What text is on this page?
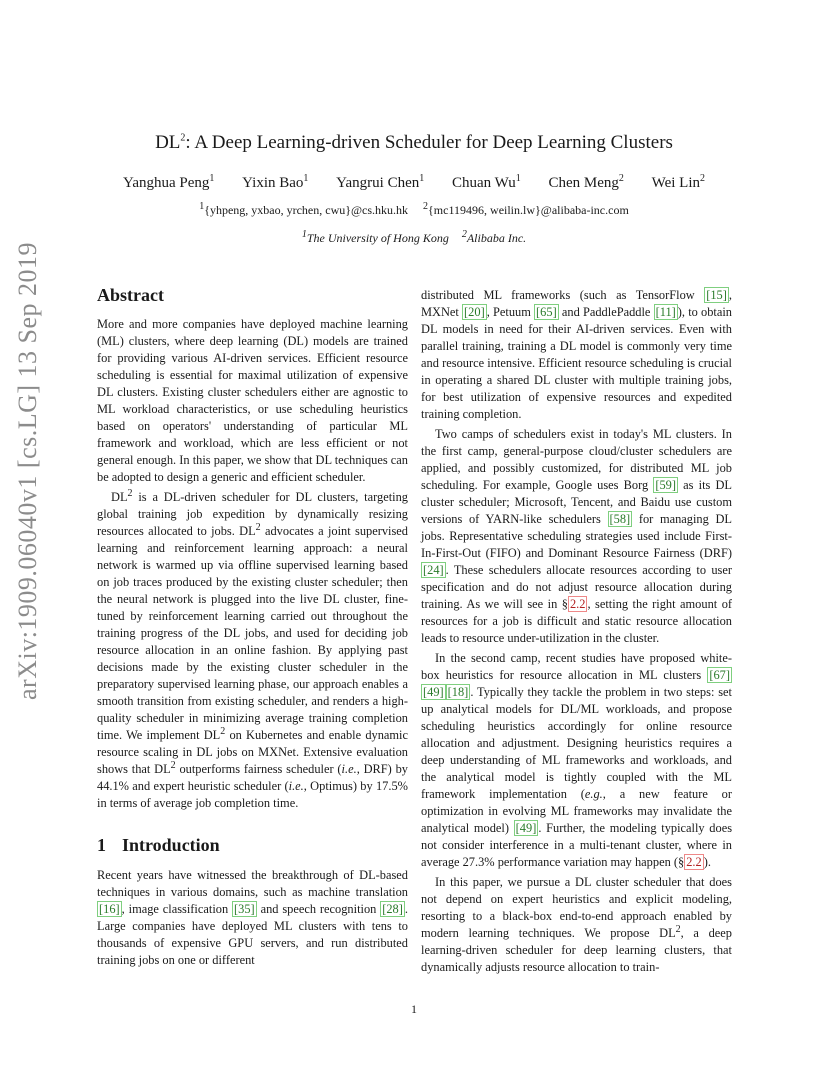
arXiv:1909.06040v1 [cs.LG] 13 Sep 2019
$DL^2$: A Deep Learning-driven Scheduler for Deep Learning Clusters
Yanghua Peng$^1$ Yixin Bao$^1$ Yangrui Chen$^1$ Chuan Wu$^1$ Chen Meng$^2$ Wei Lin$^2$
$^1${yhpeng, yxbao, yrchen, cwu}@cs.hku.hk $^2${mc119496, weilin.lw}@alibaba-inc.com
$^1$The University of Hong Kong $^2$Alibaba Inc.
Abstract

More and more companies have deployed machine learning (ML) clusters, where deep learning (DL) models are trained for providing various AI-driven services. Efficient resource scheduling is essential for maximal utilization of expensive DL clusters. Existing cluster schedulers either are agnostic to ML workload characteristics, or use scheduling heuristics based on operators' understanding of particular ML framework and workload, which are less efficient or not general enough. In this paper, we show that DL techniques can be adopted to design a generic and efficient scheduler.

$DL^2$ is a DL-driven scheduler for DL clusters, targeting global training job expedition by dynamically resizing resources allocated to jobs. $DL^2$ advocates a joint supervised learning and reinforcement learning approach: a neural network is warmed up via offline supervised learning based on job traces produced by the existing cluster scheduler; then the neural network is plugged into the live DL cluster, fine-tuned by reinforcement learning carried out throughout the training progress of the DL jobs, and used for deciding job resource allocation in an online fashion. By applying past decisions made by the existing cluster scheduler in the preparatory supervised learning phase, our approach enables a smooth transition from existing scheduler, and renders a high-quality scheduler in minimizing average training completion time. We implement $DL^2$ on Kubernetes and enable dynamic resource scaling in DL jobs on MXNet. Extensive evaluation shows that $DL^2$ outperforms fairness scheduler (i.e., DRF) by 44.1% and expert heuristic scheduler (i.e., Optimus) by 17.5% in terms of average job completion time.

1 Introduction

Recent years have witnessed the breakthrough of DL-based techniques in various domains, such as machine translation [16] , image classification [35] and speech recognition [28] . Large companies have deployed ML clusters with tens to thousands of expensive GPU servers, and run distributed training jobs on one or different

distributed ML frameworks (such as TensorFlow [15] , MXNet [20] , Petuum [65] and PaddlePaddle [11] ), to obtain DL models in need for their AI-driven services. Even with parallel training, training a DL model is commonly very time and resource intensive. Efficient resource scheduling is crucial in operating a shared DL cluster with multiple training jobs, for best utilization of expensive resources and expedited training completion.

Two camps of schedulers exist in today's ML clusters. In the first camp, general-purpose cloud/cluster schedulers are applied, and possibly customized, for distributed ML job scheduling. For example, Google uses Borg [59] as its DL cluster scheduler; Microsoft, Tencent, and Baidu use custom versions of YARN-like schedulers [58] for managing DL jobs. Representative scheduling strategies used include First-In-First-Out (FIFO) and Dominant Resource Fairness (DRF) [24] . These schedulers allocate resources according to user specification and do not adjust resource allocation during training. As we will see in § 2.2 , setting the right amount of resources for a job is difficult and static resource allocation leads to resource under-utilization in the cluster.

In the second camp, recent studies have proposed white-box heuristics for resource allocation in ML clusters [67][49] [18] . Typically they tackle the problem in two steps: set up analytical models for DL/ML workloads, and propose scheduling heuristics accordingly for online resource allocation and adjustment. Designing heuristics requires a deep understanding of ML frameworks and workloads, and the analytical model is tightly coupled with the ML framework implementation (e.g., a new feature or optimization in evolving ML frameworks may invalidate the analytical model) [49] . Further, the modeling typically does not consider interference in a multi-tenant cluster, where in average 27.3% performance variation may happen (§ 2.2 ).

In this paper, we pursue a DL cluster scheduler that does not depend on expert heuristics and explicit modeling, resorting to a black-box end-to-end approach enabled by modern learning techniques. We propose $DL^2$, a deep learning-driven scheduler for deep learning clusters, that dynamically adjusts resource allocation to train-

1
